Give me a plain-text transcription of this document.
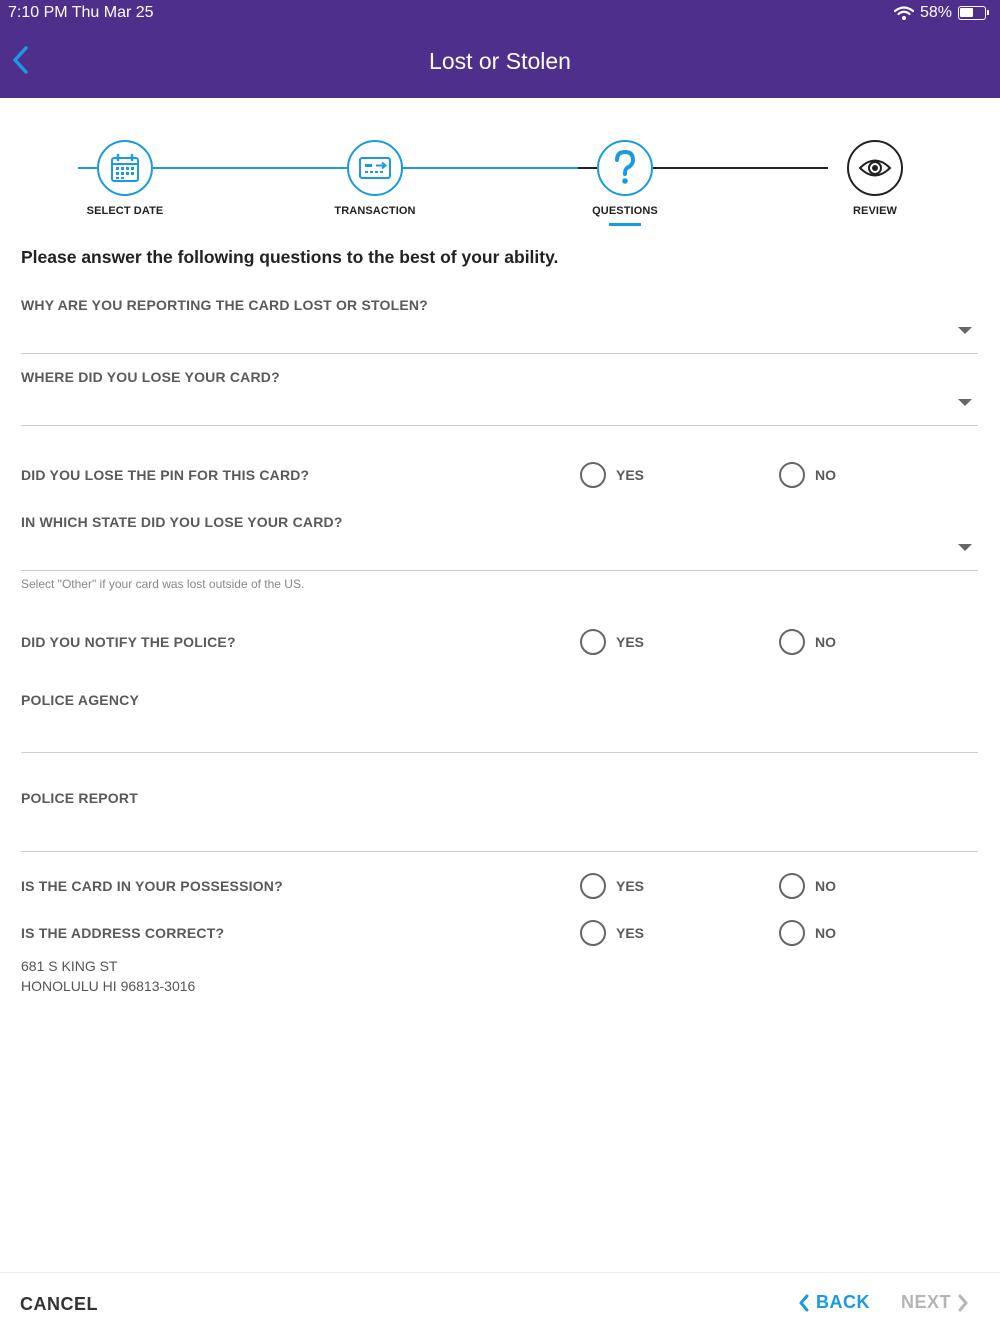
7:10 PM Thu Mar 25	58%
Lost or Stolen
SELECT DATE	TRANSACTION	QUESTIONS	REVIEW
Please answer the following questions to the best of your ability.
WHY ARE YOU REPORTING THE CARD LOST OR STOLEN?
WHERE DID YOU LOSE YOUR CARD?
DID YOU LOSE THE PIN FOR THIS CARD?	YES	NO
IN WHICH STATE DID YOU LOSE YOUR CARD?
Select "Other" if your card was lost outside of the US.
DID YOU NOTIFY THE POLICE?	YES	NO
POLICE AGENCY
POLICE REPORT
IS THE CARD IN YOUR POSSESSION?	YES	NO
IS THE ADDRESS CORRECT?	YES	NO
681 S KING ST
HONOLULU HI 96813-3016
CANCEL	BACK NEXT
